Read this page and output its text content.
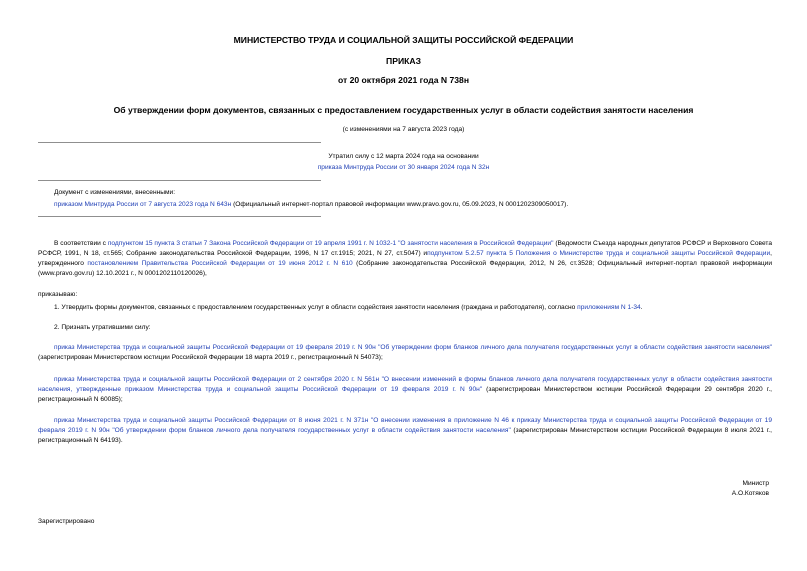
МИНИСТЕРСТВО ТРУДА И СОЦИАЛЬНОЙ ЗАЩИТЫ РОССИЙСКОЙ ФЕДЕРАЦИИ
ПРИКАЗ
от 20 октября 2021 года N 738н
Об утверждении форм документов, связанных с предоставлением государственных услуг в области содействия занятости населения
(с изменениями на 7 августа 2023 года)
Утратил силу с 12 марта 2024 года на основании
приказа Минтруда России от 30 января 2024 года N 32н
Документ с изменениями, внесенными:
приказом Минтруда России от 7 августа 2023 года N 643н (Официальный интернет-портал правовой информации www.pravo.gov.ru, 05.09.2023, N 0001202309050017).
В соответствии с подпунктом 15 пункта 3 статьи 7 Закона Российской Федерации от 19 апреля 1991 г. N 1032-1 "О занятости населения в Российской Федерации" (Ведомости Съезда народных депутатов РСФСР и Верховного Совета РСФСР, 1991, N 18, ст.565; Собрание законодательства Российской Федерации, 1996, N 17 ст.1915; 2021, N 27, ст.5047) иподпунктом 5.2.57 пункта 5 Положения о Министерстве труда и социальной защиты Российской Федерации, утвержденного постановлением Правительства Российской Федерации от 19 июня 2012 г. N 610 (Собрание законодательства Российской Федерации, 2012, N 26, ст.3528; Официальный интернет-портал правовой информации (www.pravo.gov.ru) 12.10.2021 г., N 0001202110120026),
приказываю:
1. Утвердить формы документов, связанных с предоставлением государственных услуг в области содействия занятости населения (граждана и работодателя), согласно приложениям N 1-34.
2. Признать утратившими силу:
приказ Министерства труда и социальной защиты Российской Федерации от 19 февраля 2019 г. N 90н "Об утверждении форм бланков личного дела получателя государственных услуг в области содействия занятости населения" (зарегистрирован Министерством юстиции Российской Федерации 18 марта 2019 г., регистрационный N 54073);
приказ Министерства труда и социальной защиты Российской Федерации от 2 сентября 2020 г. N 561н "О внесении изменений в формы бланков личного дела получателя государственных услуг в области содействия занятости населения, утвержденные приказом Министерства труда и социальной защиты Российской Федерации от 19 февраля 2019 г. N 90н" (зарегистрирован Министерством юстиции Российской Федерации 29 сентября 2020 г., регистрационный N 60085);
приказ Министерства труда и социальной защиты Российской Федерации от 8 июня 2021 г. N 371н "О внесении изменения в приложение N 46 к приказу Министерства труда и социальной защиты Российской Федерации от 19 февраля 2019 г. N 90н "Об утверждении форм бланков личного дела получателя государственных услуг в области содействия занятости населения" (зарегистрирован Министерством юстиции Российской Федерации 8 июля 2021 г., регистрационный N 64193).
Министр
А.О.Котяков
Зарегистрировано
